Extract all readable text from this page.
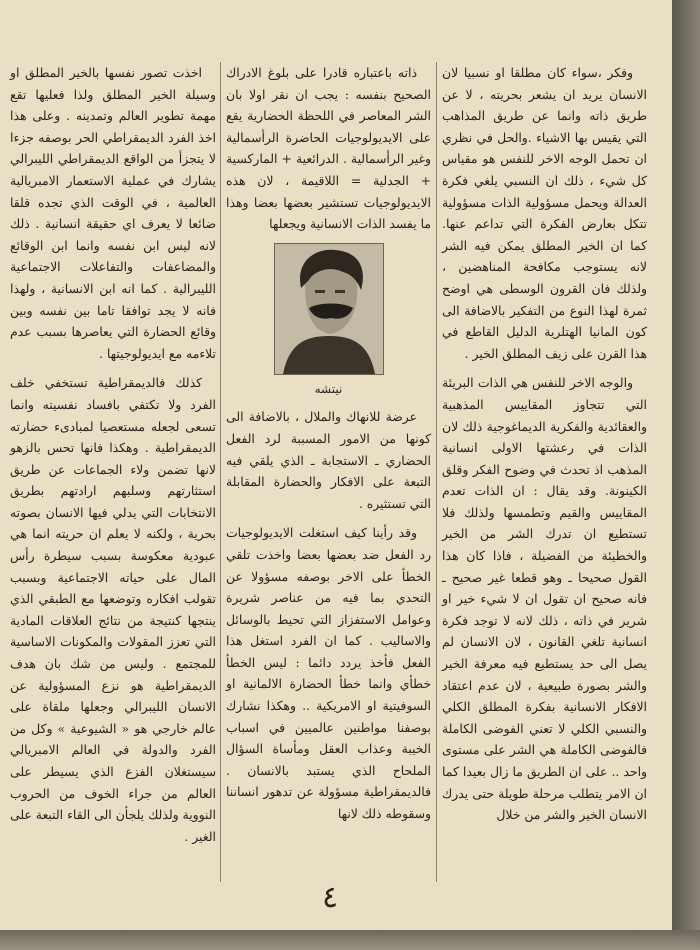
وفكر ،سواء كان مطلقا او نسبيا لان الانسان يريد ان يشعر بحريته ، لا عن طريق ذاته وانما عن طريق المذاهب التي يقيس بها الاشياء .والحل في نظري ان تحمل الوجه الاخر للنفس هو مقياس كل شيء ، ذلك ان النسبي يلغي فكرة العدالة ويحمل مسؤولية الذات مسؤولية تتكل بعارض الفكرة التي تداعم عنها. كما ان الخير المطلق يمكن فيه الشر لانه يستوجب مكافحة المناهضين ، ولذلك فان القرون الوسطى هي اوضح ثمرة لهذا النوع من التفكير بالاضافة الى كون المانيا الهتلرية الدليل القاطع في هذا القرن على زيف المطلق الخير .

والوجه الاخر للنفس هي الذات البريئة التي تتجاوز المقاييس المذهبية والعقائدية والفكرية الديماغوجية ذلك لان الذات في رعشتها الاولى انسانية المذهب اذ تحدث في وضوح الفكر وقلق الكينونة. وقد يقال : ان الذات تعدم المقاييس والقيم وتطمسها ولذلك فلا تستطيع ان تدرك الشر من الخير والخطيئة من الفضيلة ، فاذا كان هذا القول صحيحا ـ وهو قطعا غير صحيح ـ فانه صحيح ان تقول ان لا شيء خير او شرير في ذاته ، ذلك لانه لا توجد فكرة انسانية تلغي القانون ، لان الانسان لم يصل الى حد يستطيع فيه معرفة الخير والشر بصورة طبيعية ، لان عدم اعتقاد الافكار الانسانية بفكرة المطلق الكلي والنسبي الكلي لا تعني الفوضى الكاملة فالفوضى الكاملة هي الشر على مستوى واحد .. على ان الطريق ما زال بعيدا كما ان الامر يتطلب مرحلة طويلة حتى يدرك الانسان الخير والشر من خلال

ذاته باعتباره قادرا على بلوغ الادراك الصحيح بنفسه : يجب ان نقر اولا بان الشر المعاصر في اللحظة الحضارية يقع على الايديولوجيات الحاضرة الرأسمالية وغير الرأسمالية . الدرائعية + الماركسية + الجدلية = اللاقيمة ، لان هذه الايديولوجيات تستشير بعضها بعضا وهذا ما يفسد الذات الانسانية ويجعلها

نيتشه

عرضة للانهاك والملال ، بالاضافة الى كونها من الامور المسببة لرد الفعل الحضاري ـ الاستجابة ـ الذي يلقي فيه التبعة على الافكار والحضارة المقابلة التي تستثيره .

وقد رأينا كيف استغلت الايديولوجيات رد الفعل ضد بعضها بعضا واخذت تلقي الخطأ على الاخر بوصفه مسؤولا عن التحدي بما فيه من عناصر شريرة وعوامل الاستفزاز التي تحيط بالوسائل والاساليب . كما ان الفرد استغل هذا الفعل فأخذ يردد دائما : ليس الخطأ خطأي وانما خطأ الحضارة الالمانية او السوفيتية او الامريكية .. وهكذا نشارك بوصفنا مواطنين عالميين في اسباب الخيبة وعذاب العقل ومأساة السؤال الملحاح الذي يستبد بالانسان . فالديمقراطية مسؤولة عن تدهور انساننا وسقوطه ذلك لانها

اخذت تصور نفسها بالخير المطلق او وسيلة الخير المطلق ولذا فعليها تقع مهمة تطوير العالم وتمدينه . وعلى هذا اخذ الفرد الديمقراطي الحر بوصفه جزءا لا يتجزأ من الواقع الديمقراطي الليبرالي يشارك في عملية الاستعمار الامبريالية العالمية ، في الوقت الذي تجده قلقا ضائعا لا يعرف اي حقيقة انسانية . ذلك لانه ليس ابن نفسه وانما ابن الوقائع والمضاعفات والتفاعلات الاجتماعية الليبرالية . كما انه ابن الانسانية ، ولهذا فانه لا يجد توافقا تاما بين نفسه وبين وقائع الحضارة التي يعاصرها بسبب عدم تلاءمه مع ايديولوجيتها .

كذلك فالديمقراطية تستخفي خلف الفرد ولا تكتفي بافساد نفسيته وانما تسعى لجعله مستعصيا لمبادىء حضارته الديمقراطية . وهكذا فانها تحس بالزهو لانها تضمن ولاء الجماعات عن طريق استثارتهم وسلبهم ارادتهم بطريق الانتخابات التي يدلي فيها الانسان بصوته بحرية ، ولكنه لا يعلم ان حريته انما هي عبودية معكوسة بسبب سيطرة رأس المال على حياته الاجتماعية وبسبب تقولب افكاره وتوضعها مع الطبقي الذي ينتجها كنتيجة من نتائج العلاقات المادية التي تعزز المقولات والمكونات الاساسية للمجتمع . وليس من شك بان هدف الديمقراطية هو نزع المسؤولية عن الانسان الليبرالي وجعلها ملقاة على عالم خارجي هو « الشيوعية » وكل من الفرد والدولة في العالم الامبريالي سيستغلان الفزع الذي يسيطر على العالم من جراء الخوف من الحروب النووية ولذلك يلجأن الى القاء التبعة على الغير .

٤
